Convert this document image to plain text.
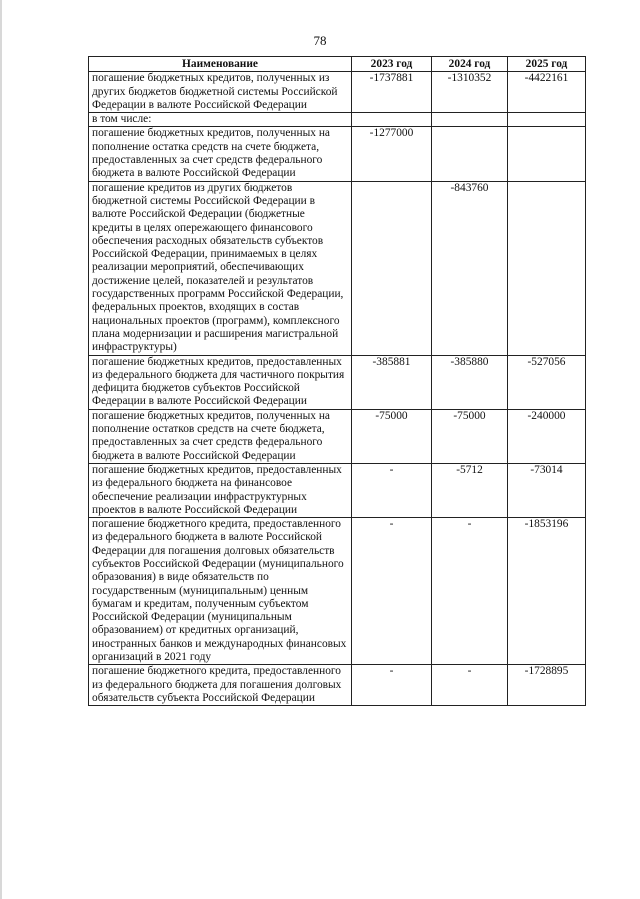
78
Наименование	2023 год	2024 год	2025 год
погашение бюджетных кредитов, полученных из других бюджетов бюджетной системы Российской Федерации в валюте Российской Федерации	-1737881	-1310352	-4422161
в том числе:			
погашение бюджетных кредитов, полученных на пополнение остатка средств на счете бюджета, предоставленных за счет средств федерального бюджета в валюте Российской Федерации	-1277000		
погашение кредитов из других бюджетов бюджетной системы Российской Федерации в валюте Российской Федерации (бюджетные кредиты в целях опережающего финансового обеспечения расходных обязательств субъектов Российской Федерации, принимаемых в целях реализации мероприятий, обеспечивающих достижение целей, показателей и результатов государственных программ Российской Федерации, федеральных проектов, входящих в состав национальных проектов (программ), комплексного плана модернизации и расширения магистральной инфраструктуры)		-843760	
погашение бюджетных кредитов, предоставленных из федерального бюджета для частичного покрытия дефицита бюджетов субъектов Российской Федерации в валюте Российской Федерации	-385881	-385880	-527056
погашение бюджетных кредитов, полученных на пополнение остатков средств на счете бюджета, предоставленных за счет средств федерального бюджета в валюте Российской Федерации	-75000	-75000	-240000
погашение бюджетных кредитов, предоставленных из федерального бюджета на финансовое обеспечение реализации инфраструктурных проектов в валюте Российской Федерации	-	-5712	-73014
погашение бюджетного кредита, предоставленного из федерального бюджета в валюте Российской Федерации для погашения долговых обязательств субъектов Российской Федерации (муниципального образования) в виде обязательств по государственным (муниципальным) ценным бумагам и кредитам, полученным субъектом Российской Федерации (муниципальным образованием) от кредитных организаций, иностранных банков и международных финансовых организаций в 2021 году	-	-	-1853196
погашение бюджетного кредита, предоставленного из федерального бюджета для погашения долговых обязательств субъекта Российской Федерации	-	-	-1728895
